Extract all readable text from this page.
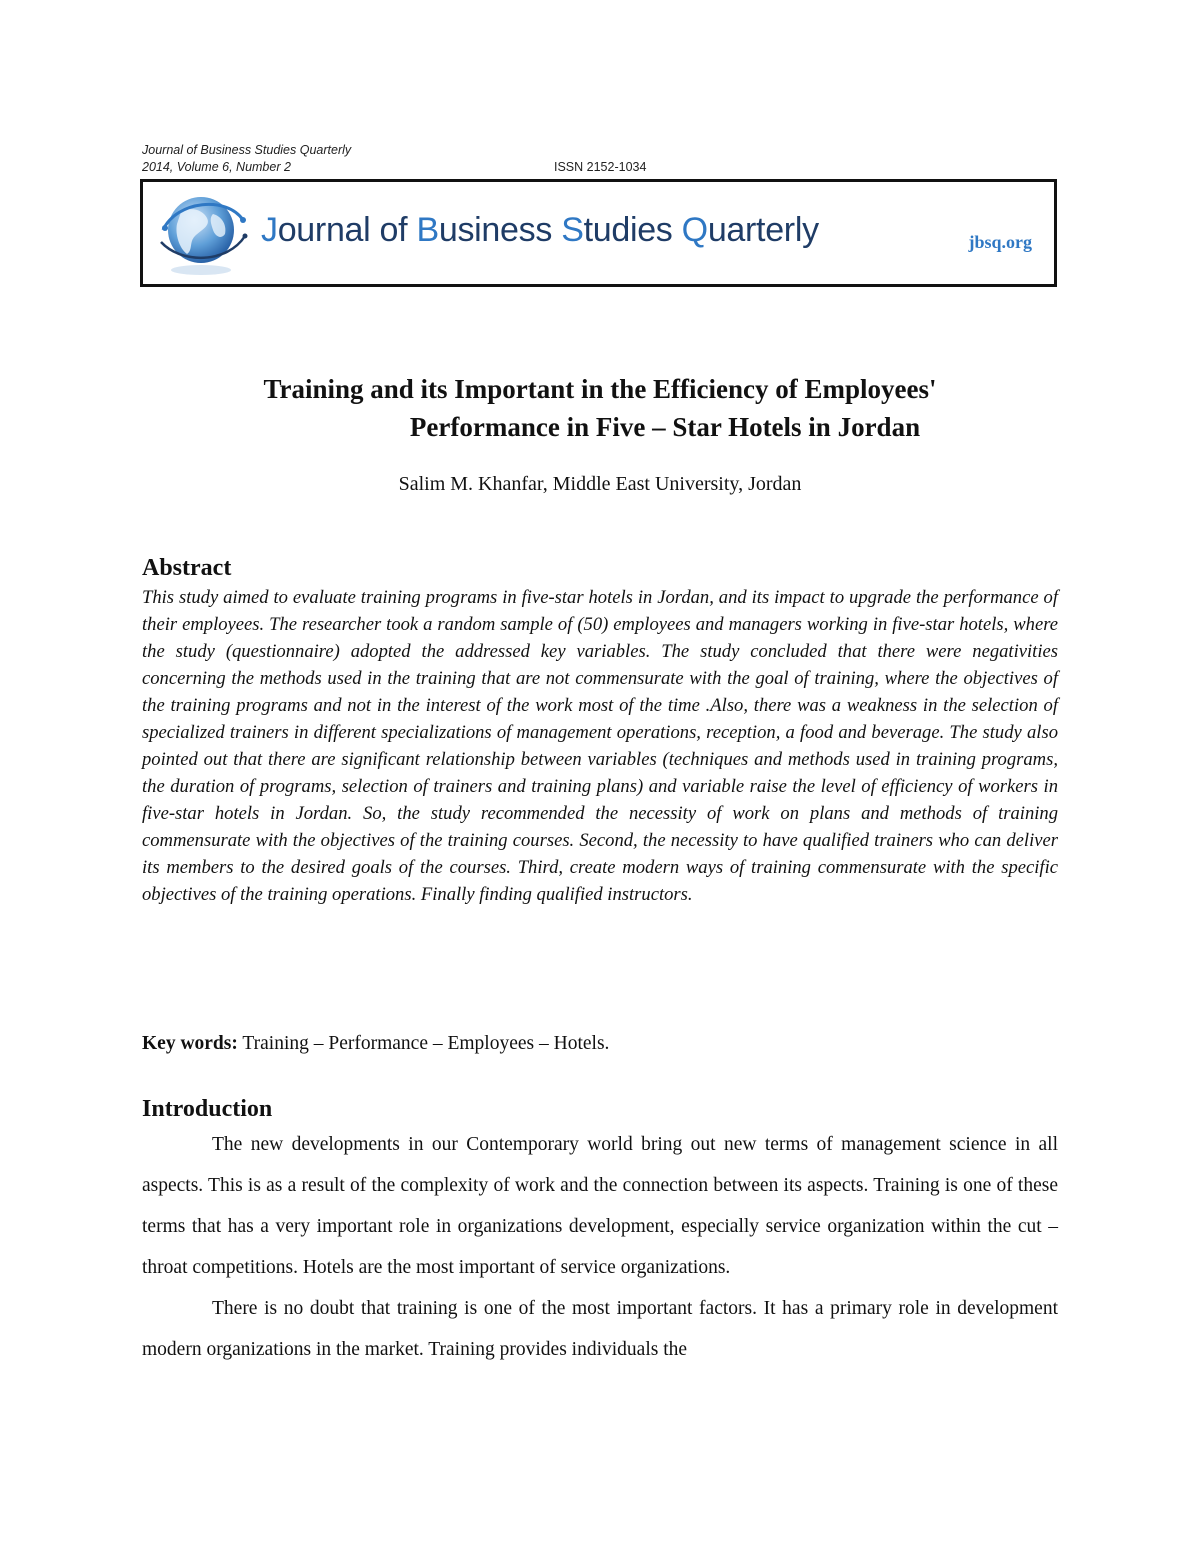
Journal of Business Studies Quarterly
2014, Volume 6, Number 2	ISSN 2152-1034
Journal of Business Studies Quarterly	jbsq.org
Training and its Important in the Efficiency of Employees'
Performance in Five – Star Hotels in Jordan
Salim M. Khanfar, Middle East University, Jordan
Abstract

This study aimed to evaluate training programs in five-star hotels in Jordan, and its impact to upgrade the performance of their employees. The researcher took a random sample of (50) employees and managers working in five-star hotels, where the study (questionnaire) adopted the addressed key variables. The study concluded that there were negativities concerning the methods used in the training that are not commensurate with the goal of training, where the objectives of the training programs and not in the interest of the work most of the time .Also, there was a weakness in the selection of specialized trainers in different specializations of management operations, reception, a food and beverage. The study also pointed out that there are significant relationship between variables (techniques and methods used in training programs, the duration of programs, selection of trainers and training plans) and variable raise the level of efficiency of workers in five-star hotels in Jordan. So, the study recommended the necessity of work on plans and methods of training commensurate with the objectives of the training courses. Second, the necessity to have qualified trainers who can deliver its members to the desired goals of the courses. Third, create modern ways of training commensurate with the specific objectives of the training operations. Finally finding qualified instructors.

Key words: Training – Performance – Employees – Hotels.
Introduction

The new developments in our Contemporary world bring out new terms of management science in all aspects. This is as a result of the complexity of work and the connection between its aspects. Training is one of these terms that has a very important role in organizations development, especially service organization within the cut – throat competitions. Hotels are the most important of service organizations.

There is no doubt that training is one of the most important factors. It has a primary role in development modern organizations in the market. Training provides individuals the
